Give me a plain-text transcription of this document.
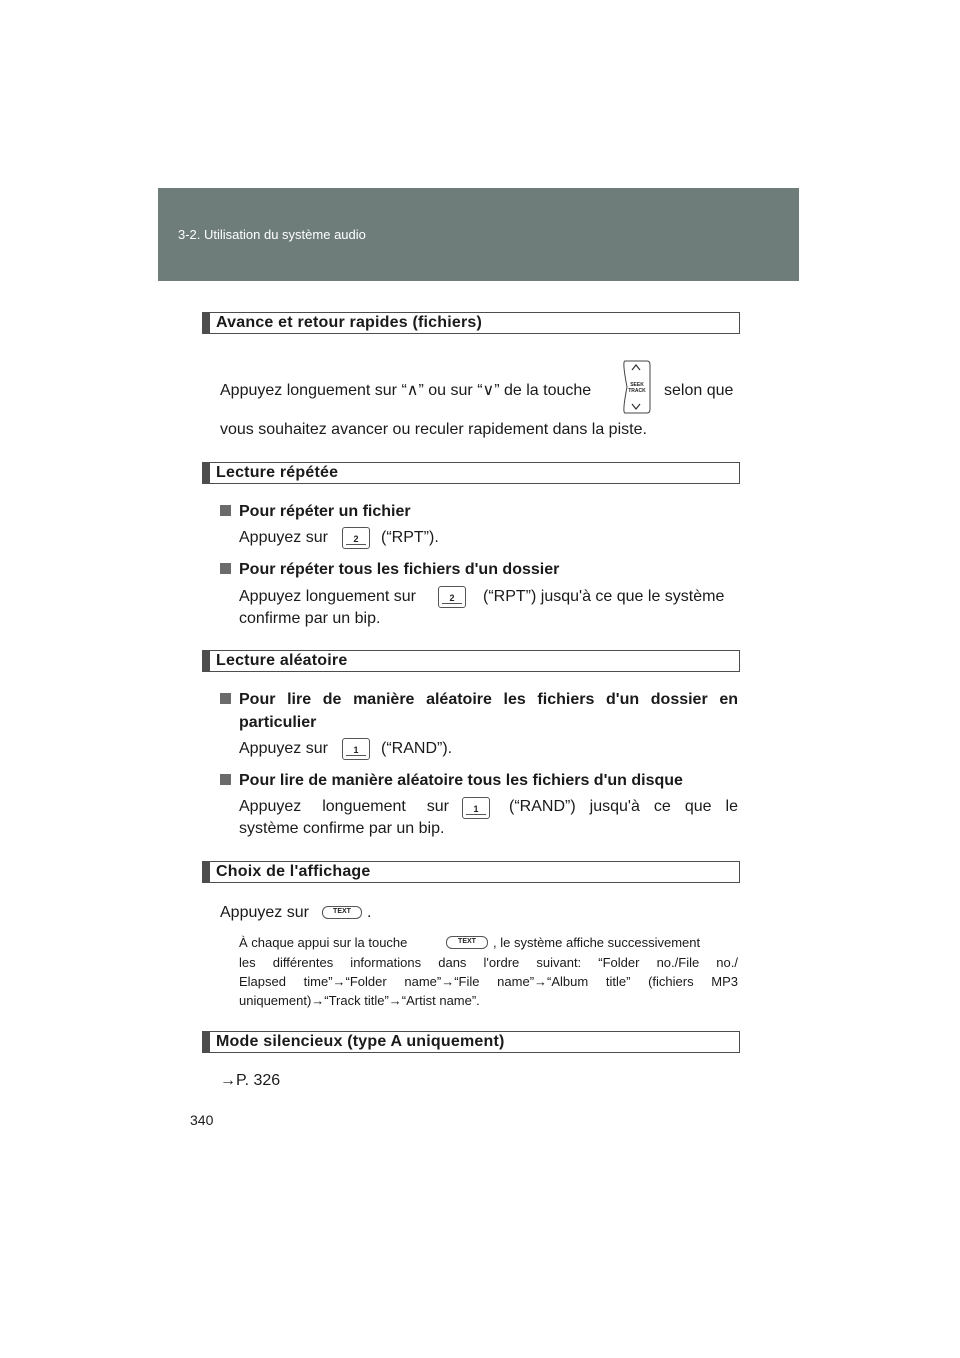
3-2. Utilisation du système audio
Avance et retour rapides (fichiers)
Appuyez longuement sur “∧” ou sur “∨” de la touche	SEEK
TRACK selon que
vous souhaitez avancer ou reculer rapidement dans la piste.
Lecture répétée
Pour répéter un fichier
Appuyez sur	2	(“RPT”).
Pour répéter tous les fichiers d'un dossier
Appuyez longuement sur	2	(“RPT”) jusqu'à ce que le système
confirme par un bip.
Lecture aléatoire
Pour lire de manière aléatoire les fichiers d'un dossier en
particulier
Appuyez sur	1	(“RAND”).
Pour lire de manière aléatoire tous les fichiers d'un disque
Appuyez longuement sur	1	(“RAND”) jusqu'à ce que le
système confirme par un bip.
Choix de l'affichage
Appuyez sur	TEXT	.
À chaque appui sur la touche	TEXT	, le système affiche successivement
les différentes informations dans l'ordre suivant: “Folder no./File no./
Elapsed time”→“Folder name”→“File name”→“Album title” (fichiers MP3
uniquement)→“Track title”→“Artist name”.
Mode silencieux (type A uniquement)
→P. 326
340
